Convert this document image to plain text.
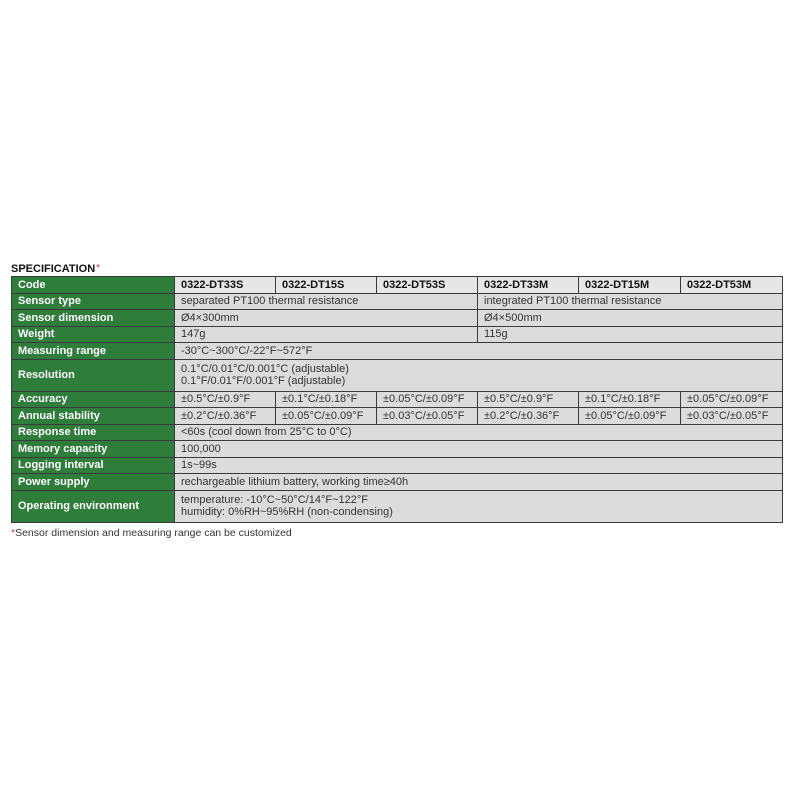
SPECIFICATION*
Code	0322-DT33S	0322-DT15S	0322-DT53S	0322-DT33M	0322-DT15M	0322-DT53M
Sensor type	separated PT100 thermal resistance			integrated PT100 thermal resistance		
Sensor dimension	Ø4×300mm			Ø4×500mm		
Weight	147g			115g		
Measuring range	-30°C~300°C/-22°F~572°F					
Resolution	0.1°C/0.01°C/0.001°C (adjustable)
0.1°F/0.01°F/0.001°F (adjustable)					

Accuracy	±0.5°C/±0.9°F	±0.1°C/±0.18°F	±0.05°C/±0.09°F	±0.5°C/±0.9°F	±0.1°C/±0.18°F	±0.05°C/±0.09°F
Annual stability	±0.2°C/±0.36°F	±0.05°C/±0.09°F	±0.03°C/±0.05°F	±0.2°C/±0.36°F	±0.05°C/±0.09°F	±0.03°C/±0.05°F
Response time	<60s (cool down from 25°C to 0°C)					
Memory capacity	100,000					
Logging interval	1s~99s					
Power supply	rechargeable lithium battery, working time≥40h					
Operating environment	temperature: -10°C~50°C/14°F~122°F
humidity: 0%RH~95%RH (non-condensing)					
*Sensor dimension and measuring range can be customized
